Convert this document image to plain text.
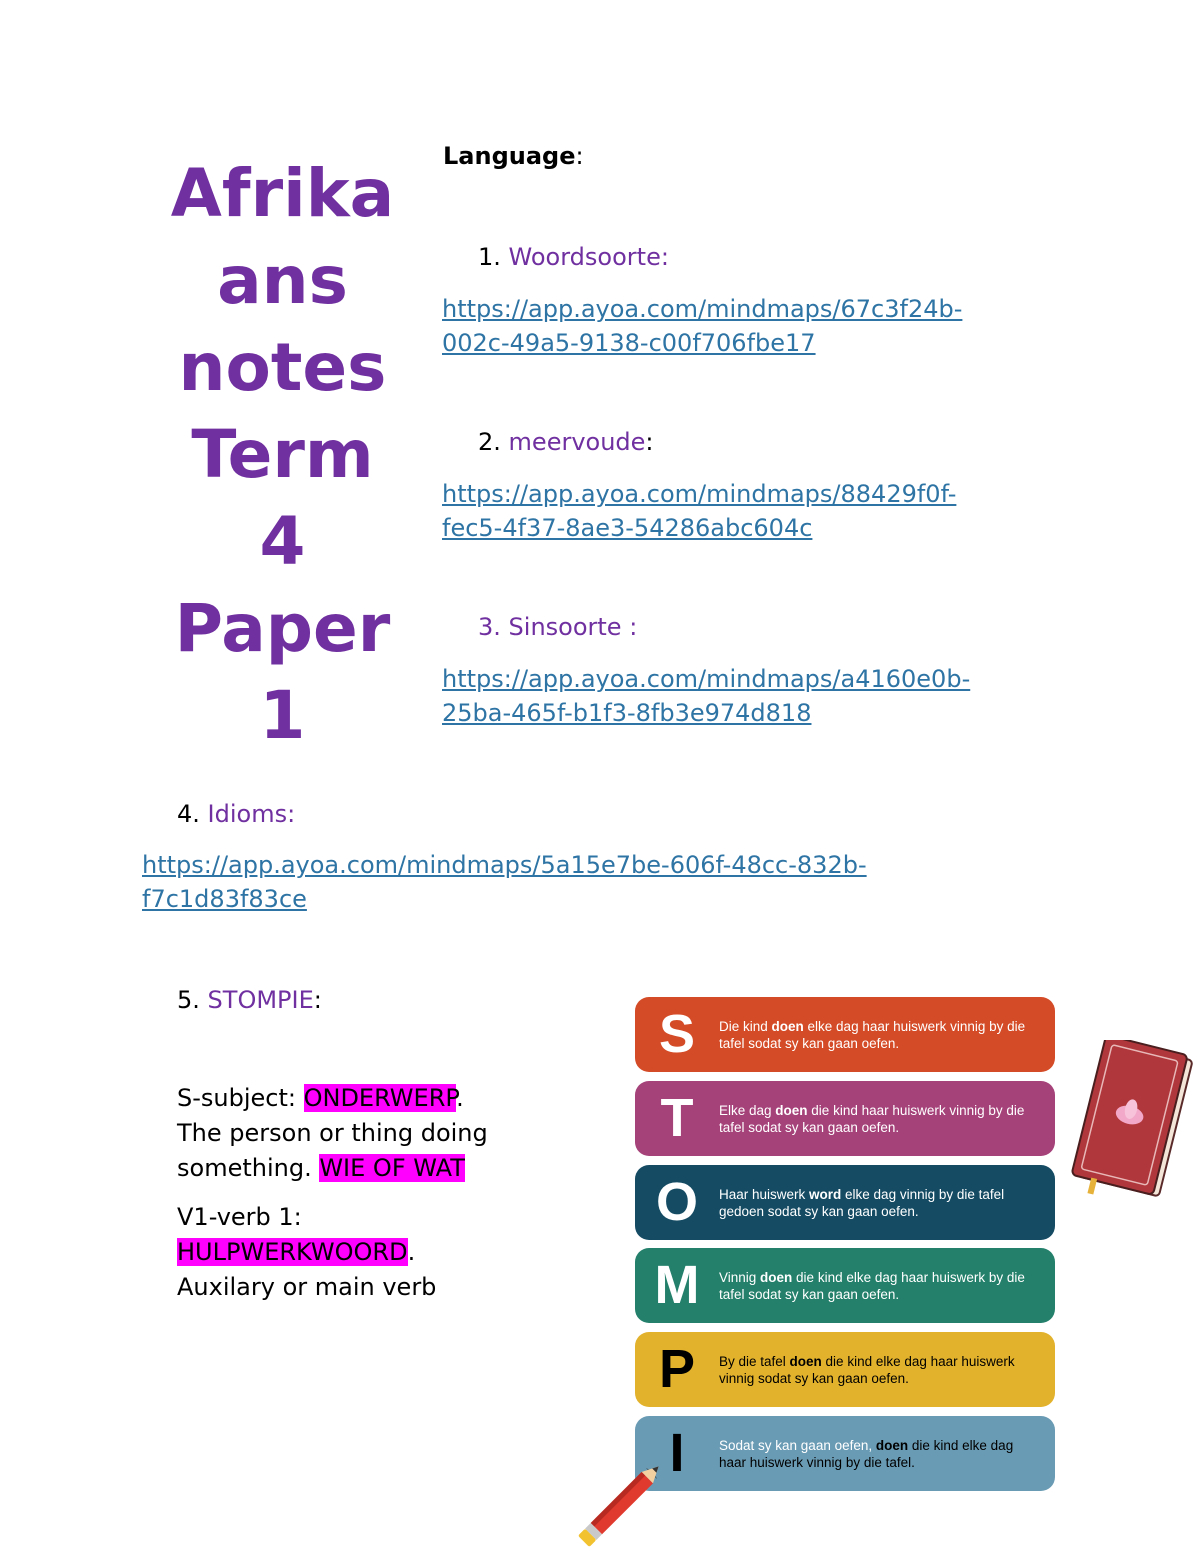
Afrika
ans
notes
Term
4
Paper
1
Language:
1. Woordsoorte:
https://app.ayoa.com/mindmaps/67c3f24b-
002c-49a5-9138-c00f706fbe17
2. meervoude:
https://app.ayoa.com/mindmaps/88429f0f-
fec5-4f37-8ae3-54286abc604c
3. Sinsoorte :
https://app.ayoa.com/mindmaps/a4160e0b-
25ba-465f-b1f3-8fb3e974d818
4. Idioms:
https://app.ayoa.com/mindmaps/5a15e7be-606f-48cc-832b-
f7c1d83f83ce
5. STOMPIE:
S-subject: ONDERWERP.
The person or thing doing
something. WIE OF WAT
V1-verb 1:
HULPWERKWOORD.
Auxilary or main verb
S	Die kind doen elke dag haar huiswerk vinnig by die tafel sodat sy kan gaan oefen.
T	Elke dag doen die kind haar huiswerk vinnig by die tafel sodat sy kan gaan oefen.
O	Haar huiswerk word elke dag vinnig by die tafel gedoen sodat sy kan gaan oefen.
M	Vinnig doen die kind elke dag haar huiswerk by die tafel sodat sy kan gaan oefen.
P	By die tafel doen die kind elke dag haar huiswerk vinnig sodat sy kan gaan oefen.
I	Sodat sy kan gaan oefen, doen die kind elke dag haar huiswerk vinnig by die tafel.
